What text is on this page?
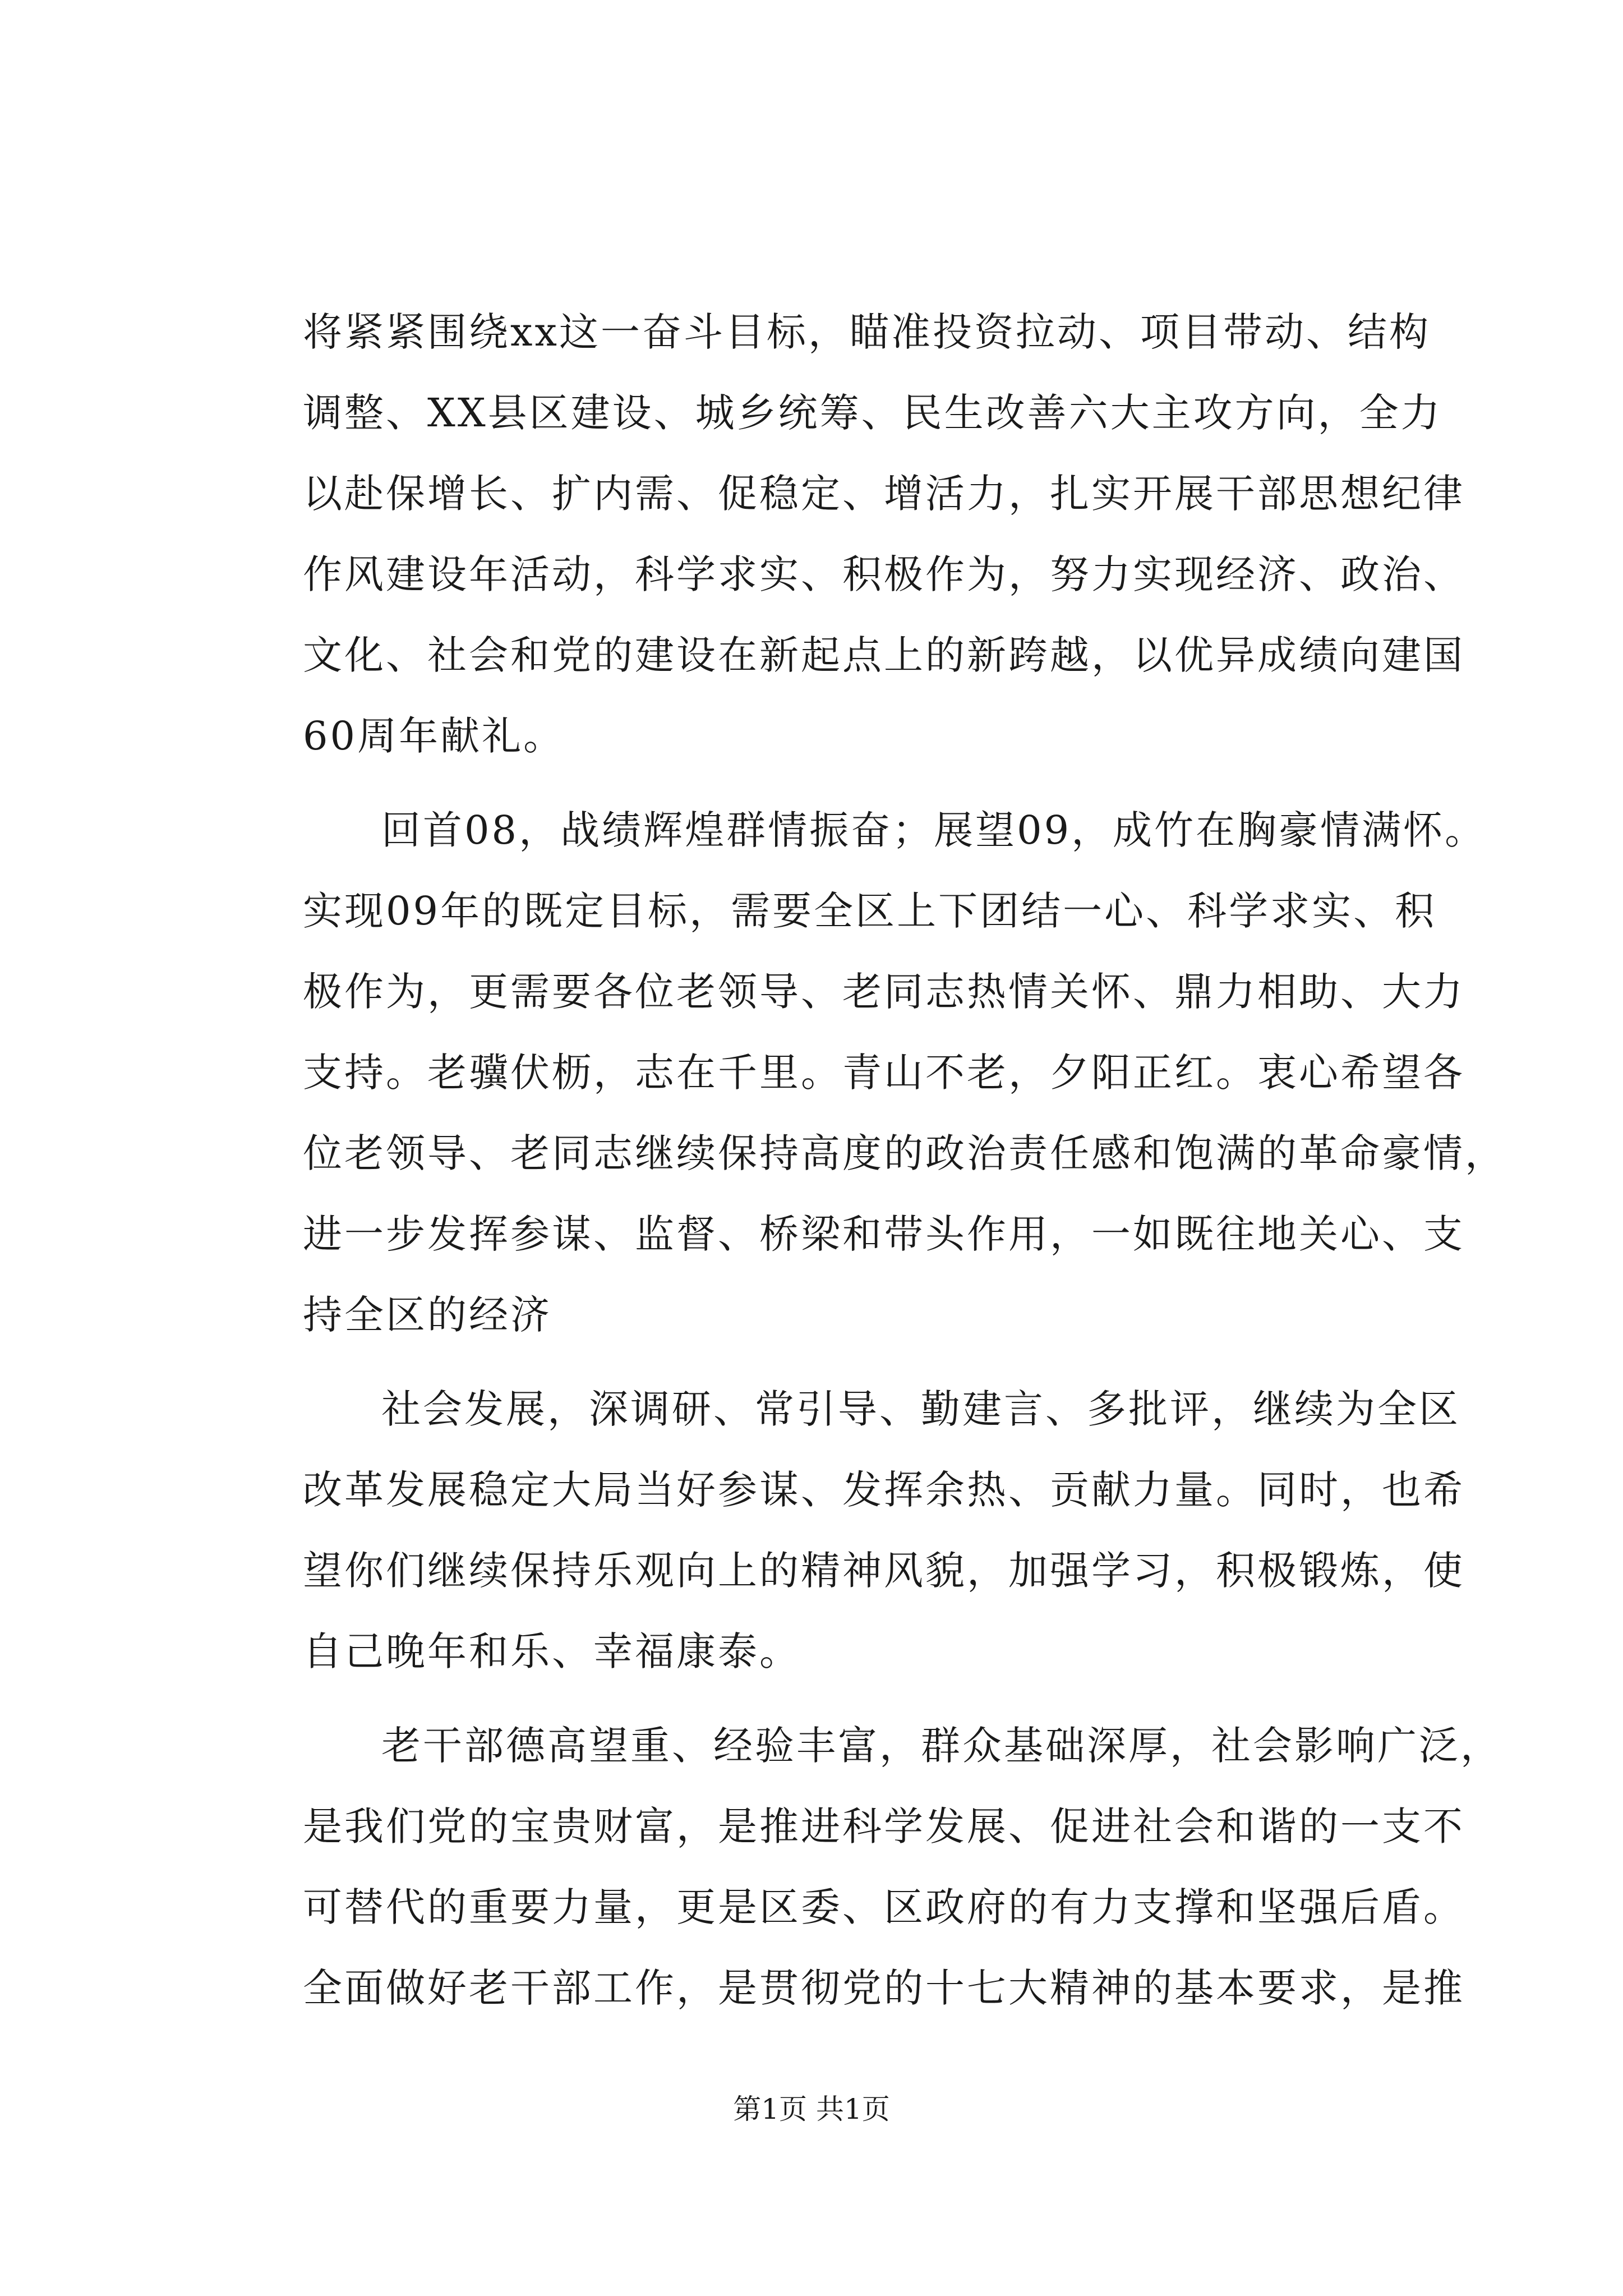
将紧紧围绕xx这一奋斗目标，瞄准投资拉动、项目带动、结构
调整、XX县区建设、城乡统筹、民生改善六大主攻方向，全力
以赴保增长、扩内需、促稳定、增活力，扎实开展干部思想纪律
作风建设年活动，科学求实、积极作为，努力实现经济、政治、
文化、社会和党的建设在新起点上的新跨越，以优异成绩向建国
60周年献礼。
回首08，战绩辉煌群情振奋；展望09，成竹在胸豪情满怀。
实现09年的既定目标，需要全区上下团结一心、科学求实、积
极作为，更需要各位老领导、老同志热情关怀、鼎力相助、大力
支持。老骥伏枥，志在千里。青山不老，夕阳正红。衷心希望各
位老领导、老同志继续保持高度的政治责任感和饱满的革命豪情，
进一步发挥参谋、监督、桥梁和带头作用，一如既往地关心、支
持全区的经济
社会发展，深调研、常引导、勤建言、多批评，继续为全区
改革发展稳定大局当好参谋、发挥余热、贡献力量。同时，也希
望你们继续保持乐观向上的精神风貌，加强学习，积极锻炼，使
自己晚年和乐、幸福康泰。
老干部德高望重、经验丰富，群众基础深厚，社会影响广泛，
是我们党的宝贵财富，是推进科学发展、促进社会和谐的一支不
可替代的重要力量，更是区委、区政府的有力支撑和坚强后盾。
全面做好老干部工作，是贯彻党的十七大精神的基本要求，是推
第1页 共1页
